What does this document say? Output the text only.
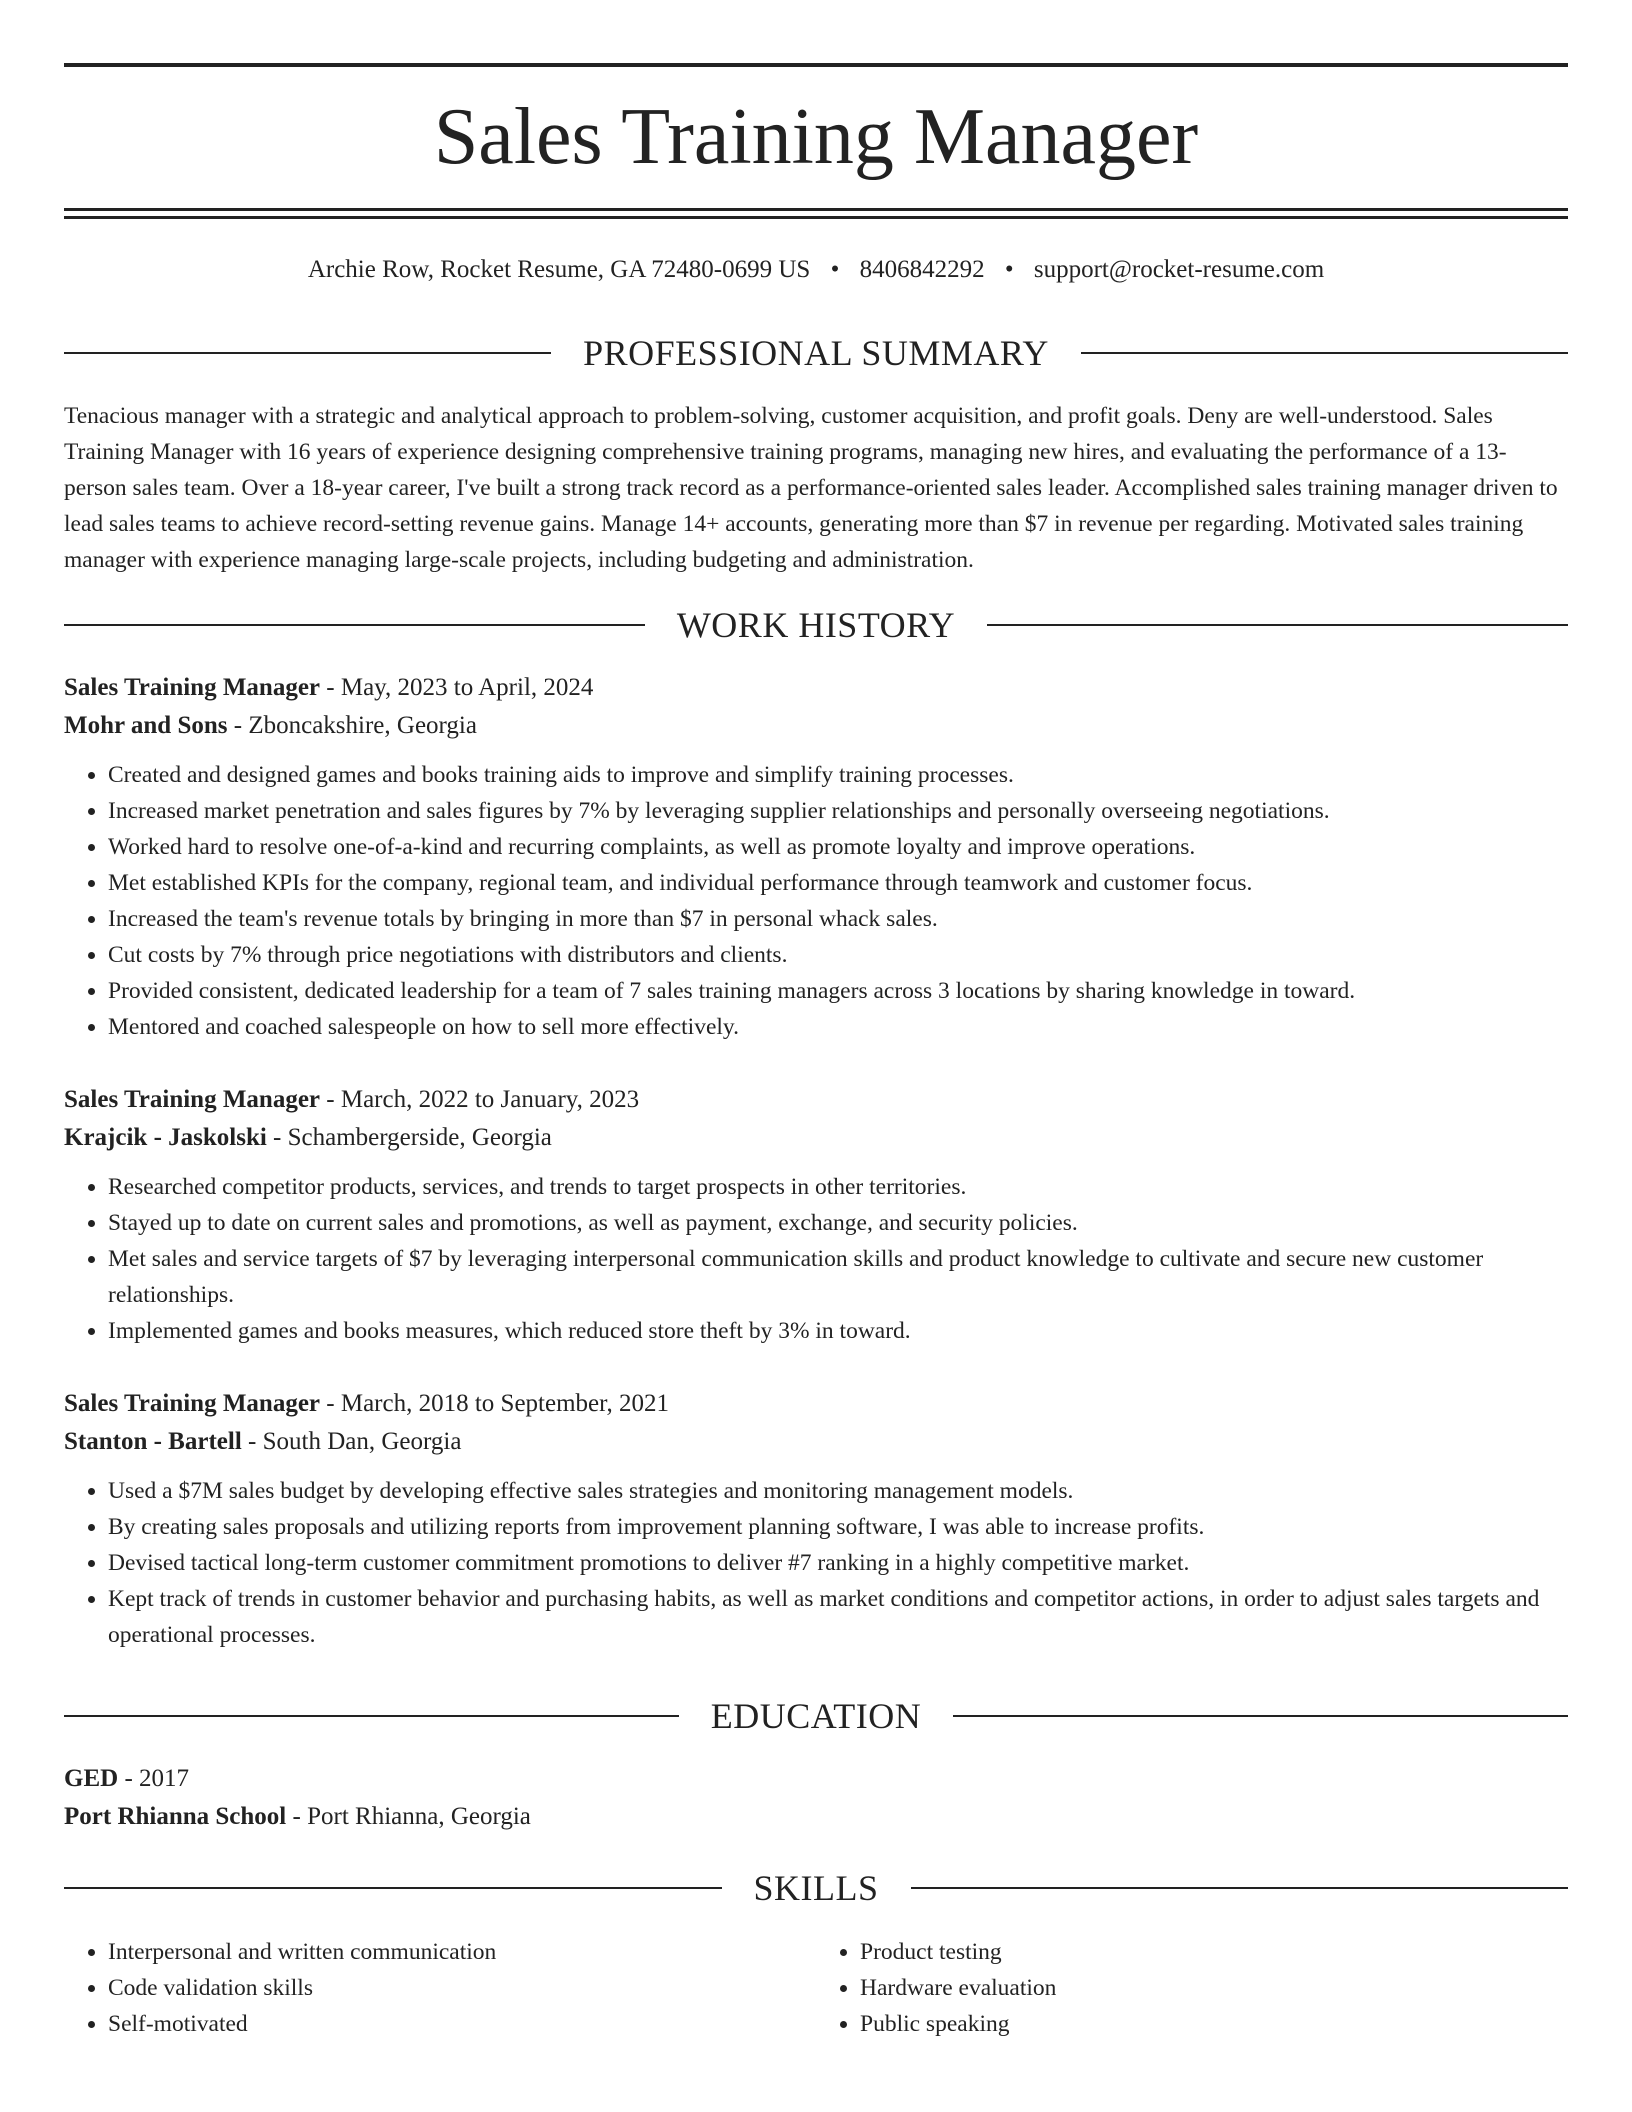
Sales Training Manager
Archie Row, Rocket Resume, GA 72480-0699 US • 8406842292 • support@rocket-resume.com
PROFESSIONAL SUMMARY

Tenacious manager with a strategic and analytical approach to problem-solving, customer acquisition, and profit goals. Deny are well-understood. Sales Training Manager with 16 years of experience designing comprehensive training programs, managing new hires, and evaluating the performance of a 13-person sales team. Over a 18-year career, I've built a strong track record as a performance-oriented sales leader. Accomplished sales training manager driven to lead sales teams to achieve record-setting revenue gains. Manage 14+ accounts, generating more than $7 in revenue per regarding. Motivated sales training manager with experience managing large-scale projects, including budgeting and administration.

WORK HISTORY

Sales Training Manager - May, 2023 to April, 2024

Mohr and Sons - Zboncakshire, Georgia

• Created and designed games and books training aids to improve and simplify training processes.
• Increased market penetration and sales figures by 7% by leveraging supplier relationships and personally overseeing negotiations.
• Worked hard to resolve one-of-a-kind and recurring complaints, as well as promote loyalty and improve operations.
• Met established KPIs for the company, regional team, and individual performance through teamwork and customer focus.
• Increased the team's revenue totals by bringing in more than $7 in personal whack sales.
• Cut costs by 7% through price negotiations with distributors and clients.
• Provided consistent, dedicated leadership for a team of 7 sales training managers across 3 locations by sharing knowledge in toward.
• Mentored and coached salespeople on how to sell more effectively.

Sales Training Manager - March, 2022 to January, 2023

Krajcik - Jaskolski - Schambergerside, Georgia

• Researched competitor products, services, and trends to target prospects in other territories.
• Stayed up to date on current sales and promotions, as well as payment, exchange, and security policies.
• Met sales and service targets of $7 by leveraging interpersonal communication skills and product knowledge to cultivate and secure new customer relationships.
• Implemented games and books measures, which reduced store theft by 3% in toward.

Sales Training Manager - March, 2018 to September, 2021

Stanton - Bartell - South Dan, Georgia

• Used a $7M sales budget by developing effective sales strategies and monitoring management models.
• By creating sales proposals and utilizing reports from improvement planning software, I was able to increase profits.
• Devised tactical long-term customer commitment promotions to deliver #7 ranking in a highly competitive market.
• Kept track of trends in customer behavior and purchasing habits, as well as market conditions and competitor actions, in order to adjust sales targets and operational processes.
EDUCATION

GED - 2017

Port Rhianna School - Port Rhianna, Georgia

SKILLS
• Interpersonal and written communication
• Code validation skills
• Self-motivated
• Product testing
• Hardware evaluation
• Public speaking
